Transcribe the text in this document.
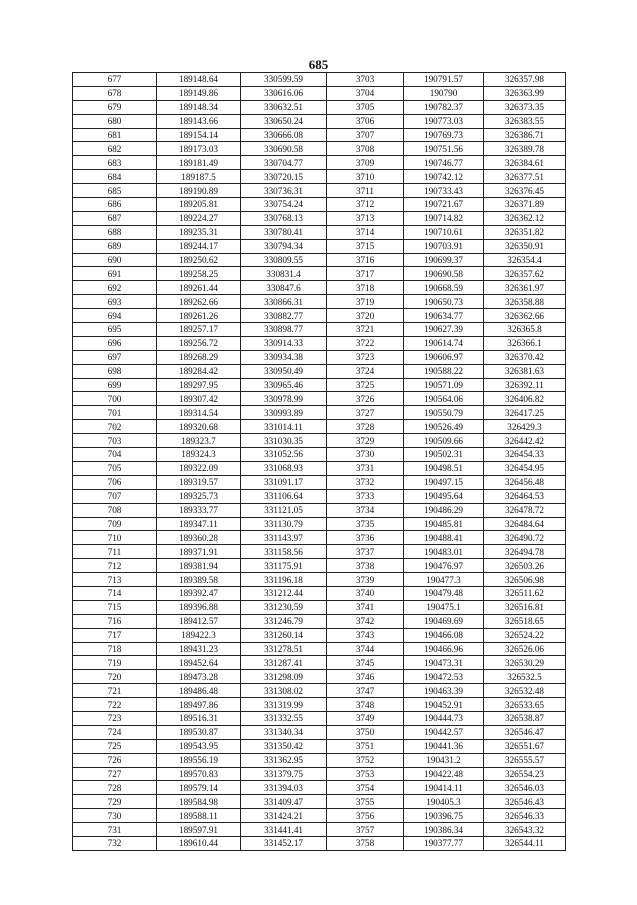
685
677	189148.64	330599.59	3703	190791.57	326357.98
678	189149.86	330616.06	3704	190790	326363.99
679	189148.34	330632.51	3705	190782.37	326373.35
680	189143.66	330650.24	3706	190773.03	326383.55
681	189154.14	330666.08	3707	190769.73	326386.71
682	189173.03	330690.58	3708	190751.56	326389.78
683	189181.49	330704.77	3709	190746.77	326384.61
684	189187.5	330720.15	3710	190742.12	326377.51
685	189190.89	330736.31	3711	190733.43	326376.45
686	189205.81	330754.24	3712	190721.67	326371.89
687	189224.27	330768.13	3713	190714.82	326362.12
688	189235.31	330780.41	3714	190710.61	326351.82
689	189244.17	330794.34	3715	190703.91	326350.91
690	189250.62	330809.55	3716	190699.37	326354.4
691	189258.25	330831.4	3717	190690.58	326357.62
692	189261.44	330847.6	3718	190668.59	326361.97
693	189262.66	330866.31	3719	190650.73	326358.88
694	189261.26	330882.77	3720	190634.77	326362.66
695	189257.17	330898.77	3721	190627.39	326365.8
696	189256.72	330914.33	3722	190614.74	326366.1
697	189268.29	330934.38	3723	190606.97	326370.42
698	189284.42	330950.49	3724	190588.22	326381.63
699	189297.95	330965.46	3725	190571.09	326392.11
700	189307.42	330978.99	3726	190564.06	326406.82
701	189314.54	330993.89	3727	190550.79	326417.25
702	189320.68	331014.11	3728	190526.49	326429.3
703	189323.7	331030.35	3729	190509.66	326442.42
704	189324.3	331052.56	3730	190502.31	326454.33
705	189322.09	331068.93	3731	190498.51	326454.95
706	189319.57	331091.17	3732	190497.15	326456.48
707	189325.73	331106.64	3733	190495.64	326464.53
708	189333.77	331121.05	3734	190486.29	326478.72
709	189347.11	331130.79	3735	190485.81	326484.64
710	189360.28	331143.97	3736	190488.41	326490.72
711	189371.91	331158.56	3737	190483.01	326494.78
712	189381.94	331175.91	3738	190476.97	326503.26
713	189389.58	331196.18	3739	190477.3	326506.98
714	189392.47	331212.44	3740	190479.48	326511.62
715	189396.88	331230.59	3741	190475.1	326516.81
716	189412.57	331246.79	3742	190469.69	326518.65
717	189422.3	331260.14	3743	190466.08	326524.22
718	189431.23	331278.51	3744	190466.96	326526.06
719	189452.64	331287.41	3745	190473.31	326530.29
720	189473.28	331298.09	3746	190472.53	326532.5
721	189486.48	331308.02	3747	190463.39	326532.48
722	189497.86	331319.99	3748	190452.91	326533.65
723	189516.31	331332.55	3749	190444.73	326538.87
724	189530.87	331340.34	3750	190442.57	326546.47
725	189543.95	331350.42	3751	190441.36	326551.67
726	189556.19	331362.95	3752	190431.2	326555.57
727	189570.83	331379.75	3753	190422.48	326554.23
728	189579.14	331394.03	3754	190414.11	326546.03
729	189584.98	331409.47	3755	190405.3	326546.43
730	189588.11	331424.21	3756	190396.75	326546.33
731	189597.91	331441.41	3757	190386.34	326543.32
732	189610.44	331452.17	3758	190377.77	326544.11
